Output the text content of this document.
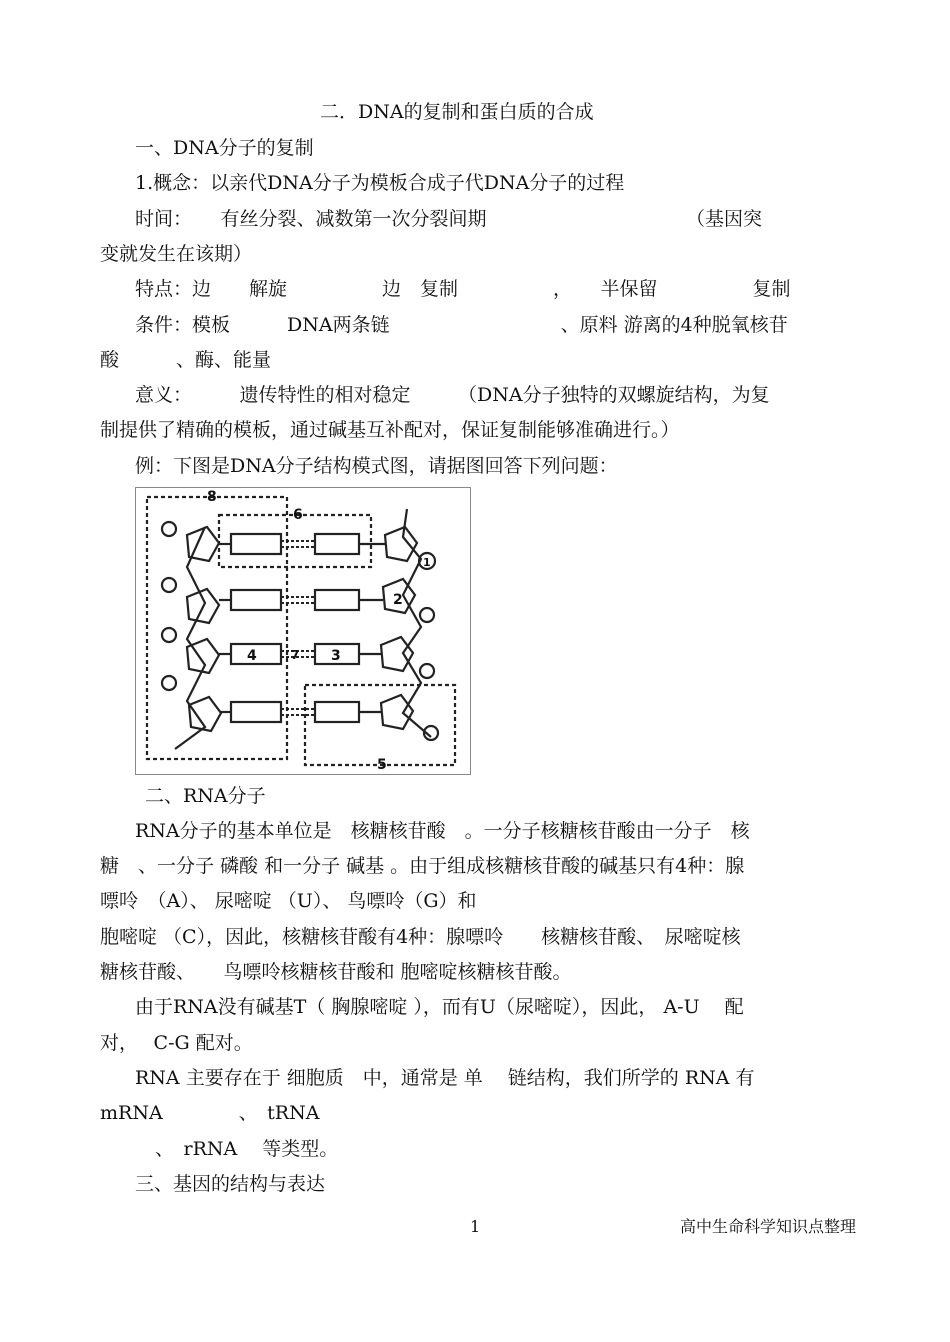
二．DNA的复制和蛋白质的合成
一、DNA分子的复制
1.概念：以亲代DNA分子为模板合成子代DNA分子的过程
时间：　　有丝分裂、减数第一次分裂间期　　　　　　　　　　　（基因突
变就发生在该期）
特点：边　　解旋　　　　　边　复制　　　　　，　　半保留　　　　　复制
条件：模板　　　DNA两条链　　　　　　　　　、原料 游离的4种脱氧核苷
酸　　　、酶、能量
意义：　　　遗传特性的相对稳定　　　（DNA分子独特的双螺旋结构，为复
制提供了精确的模板，通过碱基互补配对，保证复制能够准确进行。）
例：下图是DNA分子结构模式图，请据图回答下列问题：
8
6
1
2
4	7 3
5
二、RNA分子
RNA分子的基本单位是　核糖核苷酸　。一分子核糖核苷酸由一分子　核
糖　、一分子 磷酸 和一分子 碱基 。由于组成核糖核苷酸的碱基只有4种：腺
嘌呤　（A）、 尿嘧啶 （U）、 鸟嘌呤（G）和
胞嘧啶 （C），因此，核糖核苷酸有4种：腺嘌呤　　核糖核苷酸、　尿嘧啶核
糖核苷酸、　　鸟嘌呤核糖核苷酸和 胞嘧啶核糖核苷酸。
由于RNA没有碱基T（ 胸腺嘧啶 ），而有U（尿嘧啶），因此， A-U　 配
对，　 C-G 配对。
RNA 主要存在于 细胞质　中，通常是 单　 链结构，我们所学的 RNA 有
mRNA　　　　、　tRNA
、　rRNA　 等类型。
三、基因的结构与表达
1	高中生命科学知识点整理
